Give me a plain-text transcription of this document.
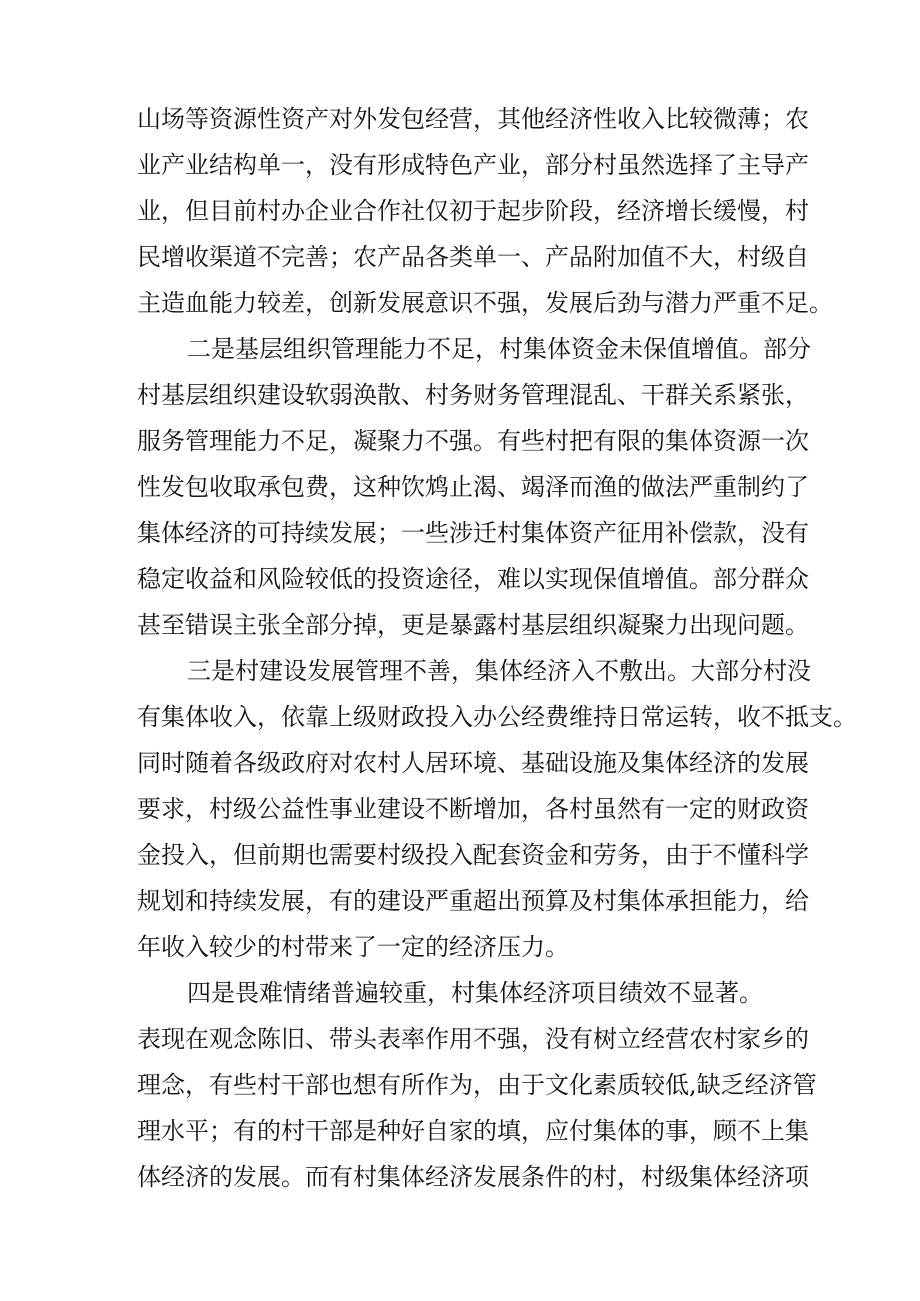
山场等资源性资产对外发包经营，其他经济性收入比较微薄；农
业产业结构单一，没有形成特色产业，部分村虽然选择了主导产
业，但目前村办企业合作社仅初于起步阶段，经济增长缓慢，村
民增收渠道不完善；农产品各类单一、产品附加值不大，村级自
主造血能力较差，创新发展意识不强，发展后劲与潜力严重不足。
二是基层组织管理能力不足，村集体资金未保值增值。部分
村基层组织建设软弱涣散、村务财务管理混乱、干群关系紧张，
服务管理能力不足，凝聚力不强。有些村把有限的集体资源一次
性发包收取承包费，这种饮鸩止渴、竭泽而渔的做法严重制约了
集体经济的可持续发展；一些涉迁村集体资产征用补偿款，没有
稳定收益和风险较低的投资途径，难以实现保值增值。部分群众
甚至错误主张全部分掉，更是暴露村基层组织凝聚力出现问题。
三是村建设发展管理不善，集体经济入不敷出。大部分村没
有集体收入，依靠上级财政投入办公经费维持日常运转，收不抵支。
同时随着各级政府对农村人居环境、基础设施及集体经济的发展
要求，村级公益性事业建设不断增加，各村虽然有一定的财政资
金投入，但前期也需要村级投入配套资金和劳务，由于不懂科学
规划和持续发展，有的建设严重超出预算及村集体承担能力，给
年收入较少的村带来了一定的经济压力。
四是畏难情绪普遍较重，村集体经济项目绩效不显著。
表现在观念陈旧、带头表率作用不强，没有树立经营农村家乡的
理念，有些村干部也想有所作为，由于文化素质较低,缺乏经济管
理水平；有的村干部是种好自家的填，应付集体的事，顾不上集
体经济的发展。而有村集体经济发展条件的村，村级集体经济项
